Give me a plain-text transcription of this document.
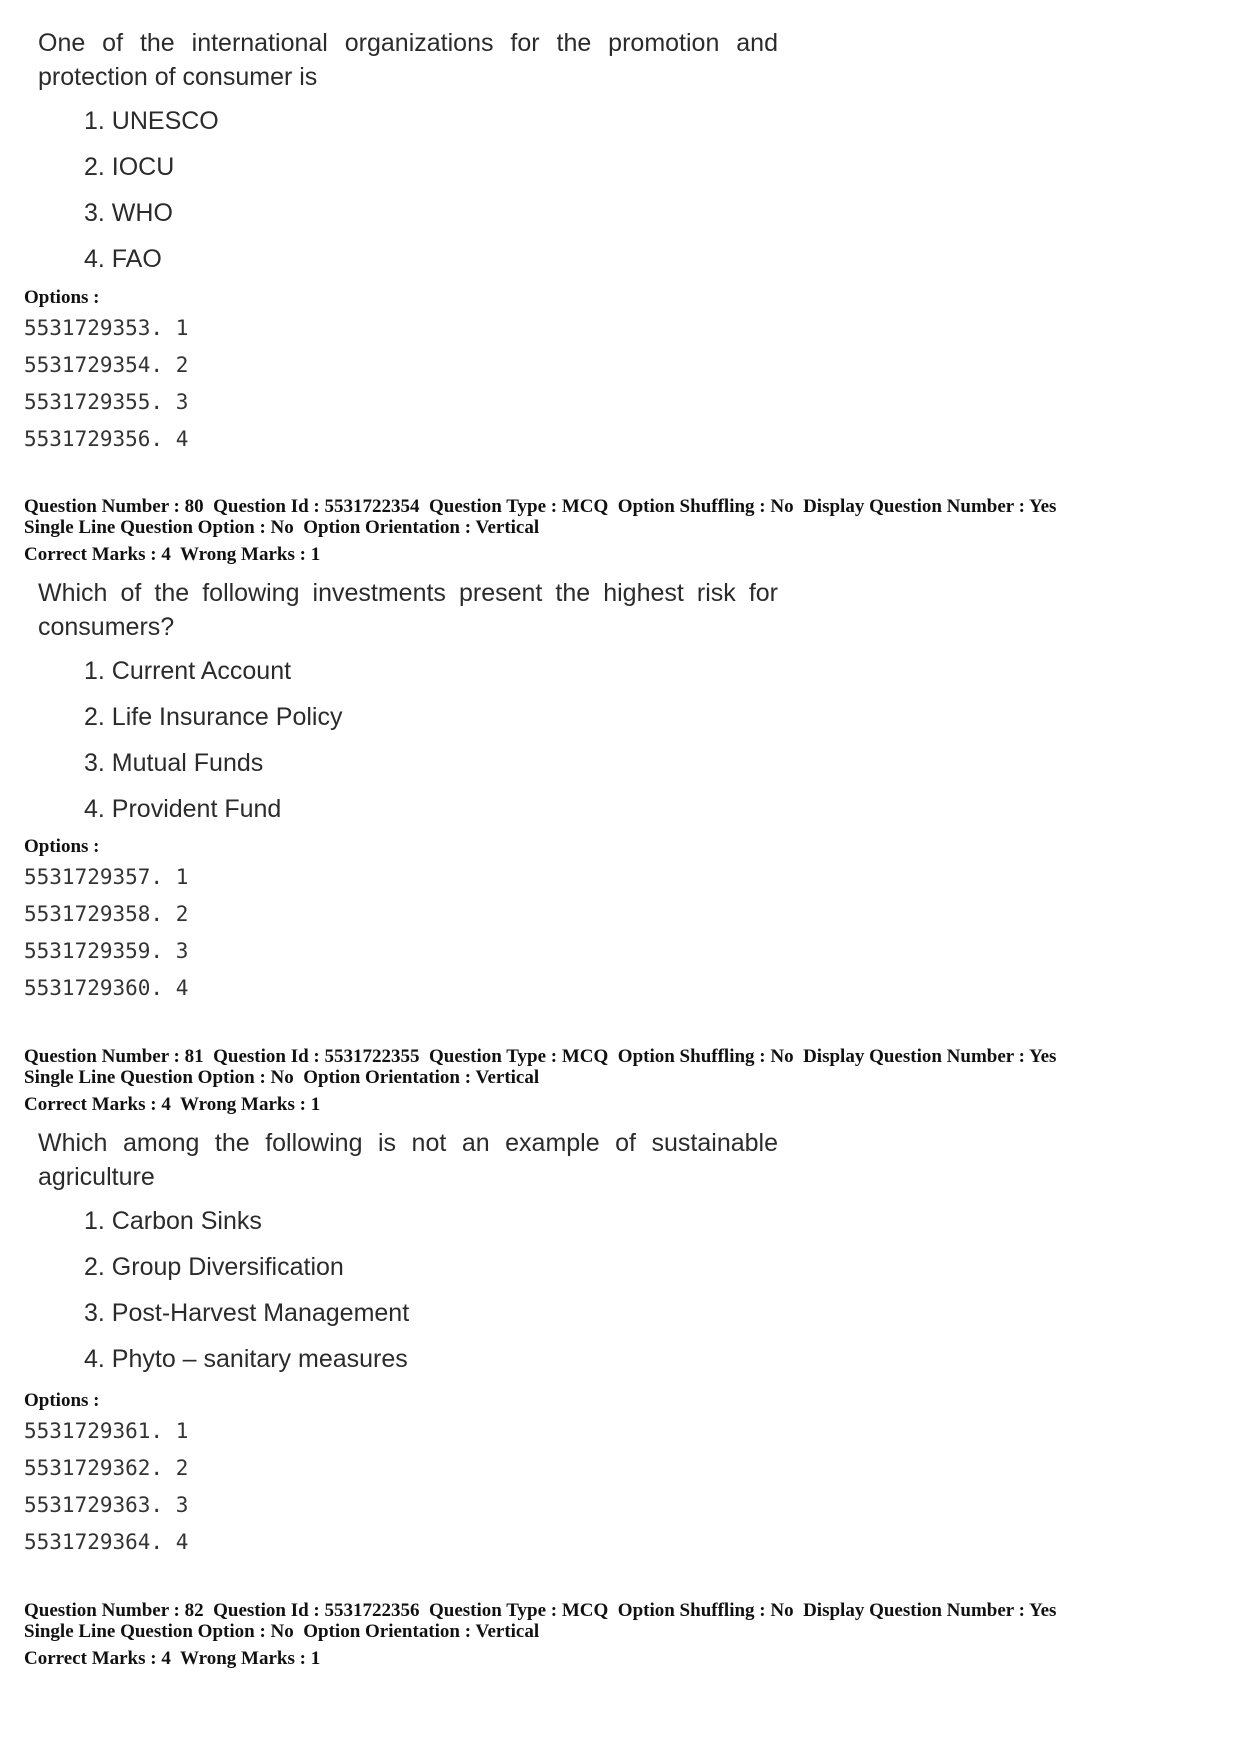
One of the international organizations for the promotion and protection of consumer is

1. UNESCO
2. IOCU
3. WHO
4. FAO
Options :
5531729353. 1
5531729354. 2
5531729355. 3
5531729356. 4
Question Number : 80  Question Id : 5531722354  Question Type : MCQ  Option Shuffling : No  Display Question Number : Yes
Single Line Question Option : No  Option Orientation : Vertical
Correct Marks : 4  Wrong Marks : 1

Which of the following investments present the highest risk for consumers?

1. Current Account
2. Life Insurance Policy
3. Mutual Funds
4. Provident Fund
Options :
5531729357. 1
5531729358. 2
5531729359. 3
5531729360. 4
Question Number : 81  Question Id : 5531722355  Question Type : MCQ  Option Shuffling : No  Display Question Number : Yes
Single Line Question Option : No  Option Orientation : Vertical
Correct Marks : 4  Wrong Marks : 1

Which among the following is not an example of sustainable agriculture

1. Carbon Sinks
2. Group Diversification
3. Post-Harvest Management
4. Phyto – sanitary measures
Options :
5531729361. 1
5531729362. 2
5531729363. 3
5531729364. 4
Question Number : 82  Question Id : 5531722356  Question Type : MCQ  Option Shuffling : No  Display Question Number : Yes
Single Line Question Option : No  Option Orientation : Vertical
Correct Marks : 4  Wrong Marks : 1
